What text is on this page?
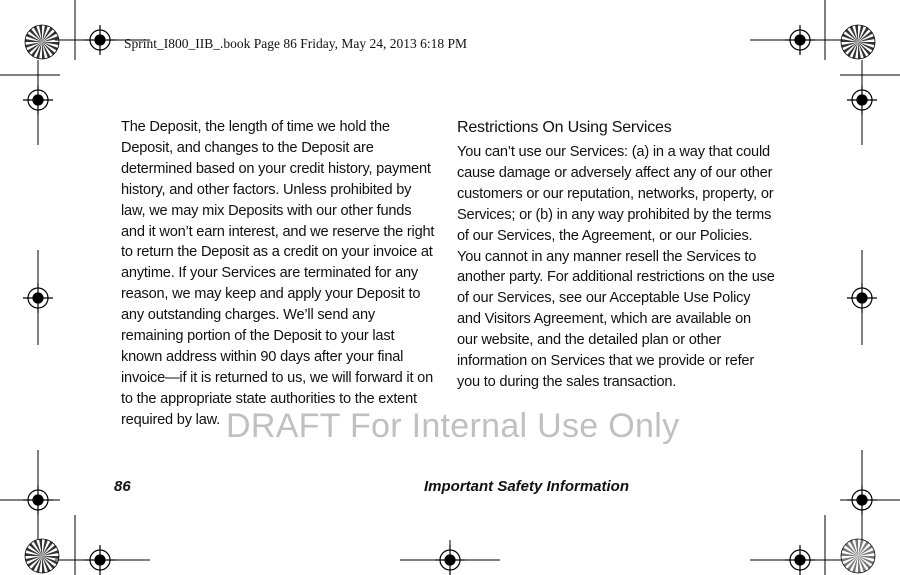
Sprint_I800_IIB_.book Page 86 Friday, May 24, 2013 6:18 PM

The Deposit, the length of time we hold the Deposit, and changes to the Deposit are determined based on your credit history, payment history, and other factors. Unless prohibited by law, we may mix Deposits with our other funds and it won’t earn interest, and we reserve the right to return the Deposit as a credit on your invoice at anytime. If your Services are terminated for any reason, we may keep and apply your Deposit to any outstanding charges. We’ll send any remaining portion of the Deposit to your last known address within 90 days after your final invoice—if it is returned to us, we will forward it on to the appropriate state authorities to the extent required by law.

Restrictions On Using Services

You can’t use our Services: (a) in a way that could cause damage or adversely affect any of our other customers or our reputation, networks, property, or Services; or (b) in any way prohibited by the terms of our Services, the Agreement, or our Policies. You cannot in any manner resell the Services to another party. For additional restrictions on the use of our Services, see our Acceptable Use Policy and Visitors Agreement, which are available on our website, and the detailed plan or other information on Services that we provide or refer you to during the sales transaction.

DRAFT For Internal Use Only
86	Important Safety Information
